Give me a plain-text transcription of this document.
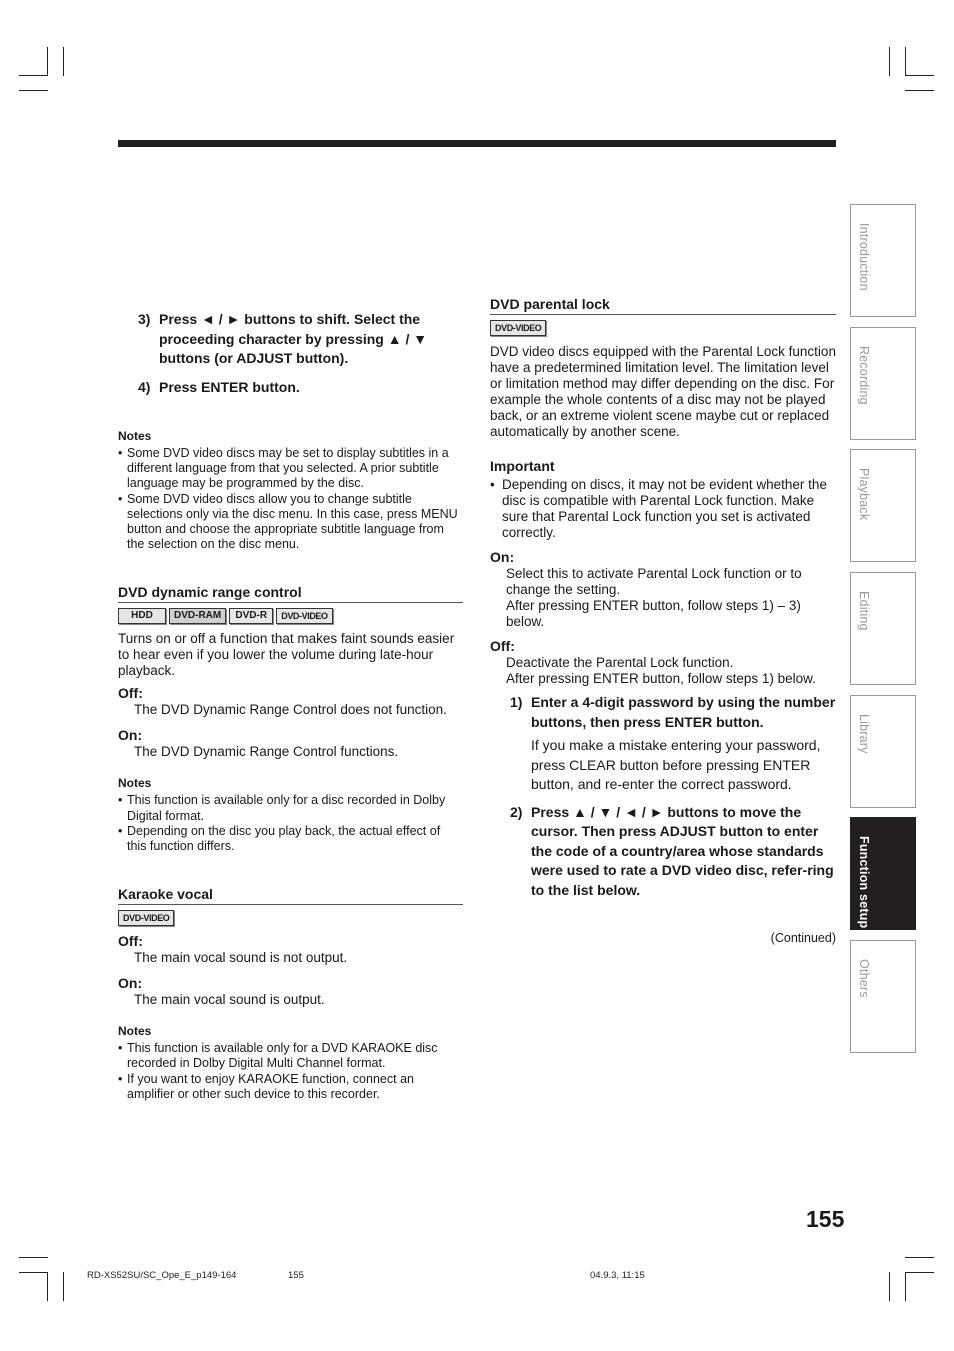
3) Press ◄ / ► buttons to shift. Select the proceeding character by pressing ▲ / ▼ buttons (or ADJUST button).
4) Press ENTER button.
Notes
• Some DVD video discs may be set to display subtitles in a different language from that you selected. A prior subtitle language may be programmed by the disc.
• Some DVD video discs allow you to change subtitle selections only via the disc menu. In this case, press MENU button and choose the appropriate subtitle language from the selection on the disc menu.
DVD dynamic range control
HDD	DVD-RAM	DVD-R	DVD-VIDEO

Turns on or off a function that makes faint sounds easier to hear even if you lower the volume during late-hour playback.

Off:
The DVD Dynamic Range Control does not function.
On:
The DVD Dynamic Range Control functions.
Notes
• This function is available only for a disc recorded in Dolby Digital format.
• Depending on the disc you play back, the actual effect of this function differs.
Karaoke vocal
DVD-VIDEO
Off:
The main vocal sound is not output.
On:
The main vocal sound is output.
Notes
• This function is available only for a DVD KARAOKE disc recorded in Dolby Digital Multi Channel format.
• If you want to enjoy KARAOKE function, connect an amplifier or other such device to this recorder.
DVD parental lock
DVD-VIDEO

DVD video discs equipped with the Parental Lock function have a predetermined limitation level. The limitation level or limitation method may differ depending on the disc. For example the whole contents of a disc may not be played back, or an extreme violent scene maybe cut or replaced automatically by another scene.

Important
• Depending on discs, it may not be evident whether the disc is compatible with Parental Lock function. Make sure that Parental Lock function you set is activated correctly.
On:
Select this to activate Parental Lock function or to change the setting.
After pressing ENTER button, follow steps 1) – 3) below.
Off:
Deactivate the Parental Lock function.
After pressing ENTER button, follow steps 1) below.
1) Enter a 4-digit password by using the number buttons, then press ENTER button.
If you make a mistake entering your password, press CLEAR button before pressing ENTER button, and re-enter the correct password.
2) Press ▲ / ▼ / ◄ / ► buttons to move the cursor. Then press ADJUST button to enter the code of a country/area whose standards were used to rate a DVD video disc, refer-ring to the list below.
(Continued)
Introduction
Recording
Playback
Editing
Library
Function setup
Others
155
RD-XS52SU/SC_Ope_E_p149-164	155	04.9.3, 11:15
